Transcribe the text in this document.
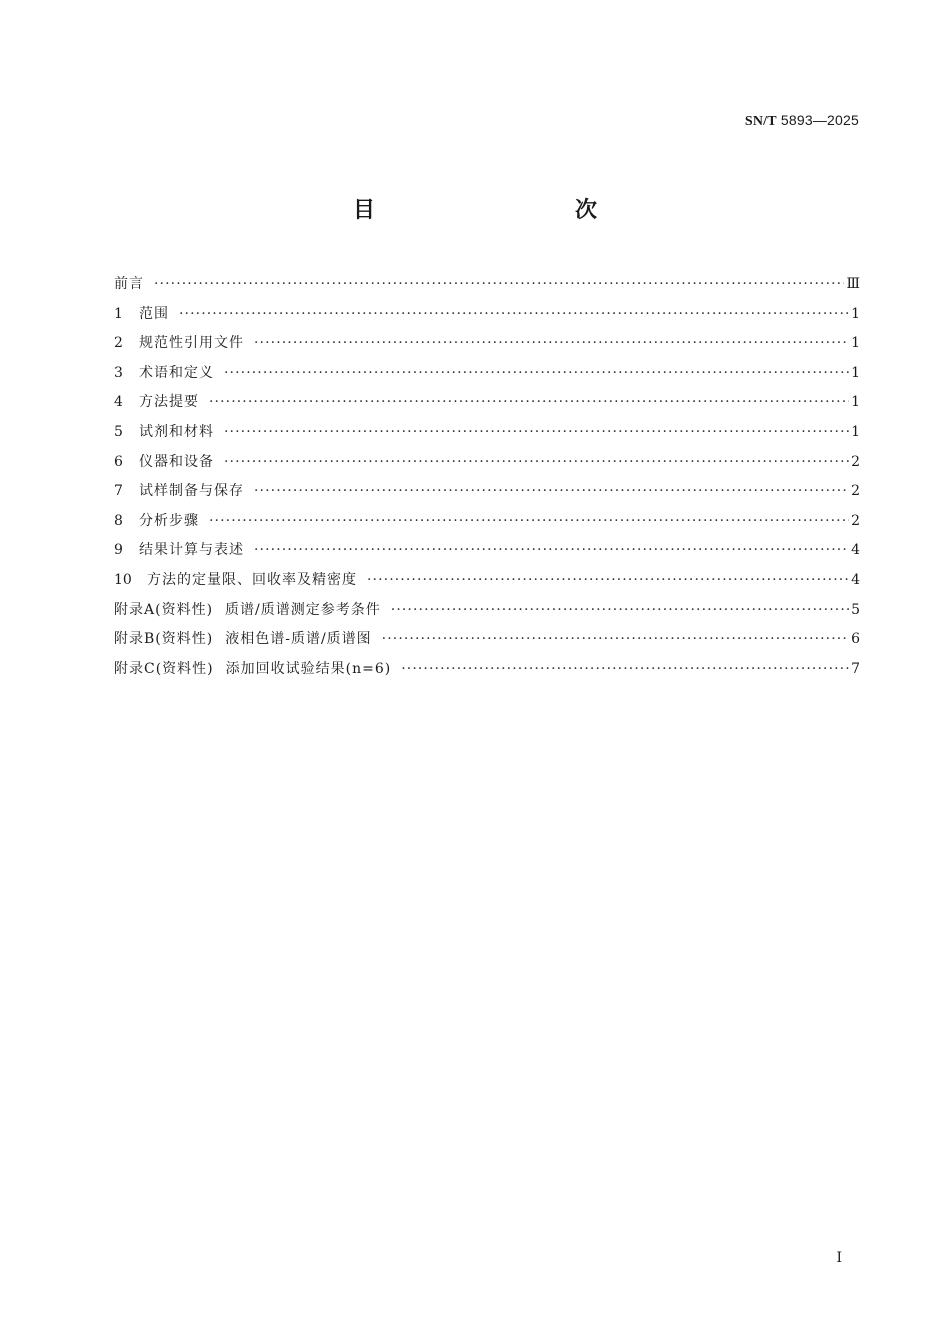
SN/T 5893—2025
目　　次
前言 ·····	Ⅲ
1 范围 ·····	1
2 规范性引用文件 ·····	1
3 术语和定义 ·····	1
4 方法提要 ·····	1
5 试剂和材料 ·····	1
6 仪器和设备 ·····	2
7 试样制备与保存 ·····	2
8 分析步骤 ·····	2
9 结果计算与表述 ·····	4
10 方法的定量限、回收率及精密度 ·····	4
附录A(资料性) 质谱/质谱测定参考条件 ·····	5
附录B(资料性) 液相色谱-质谱/质谱图 ·····	6
附录C(资料性) 添加回收试验结果(n=6) ·····	7
Ⅰ
